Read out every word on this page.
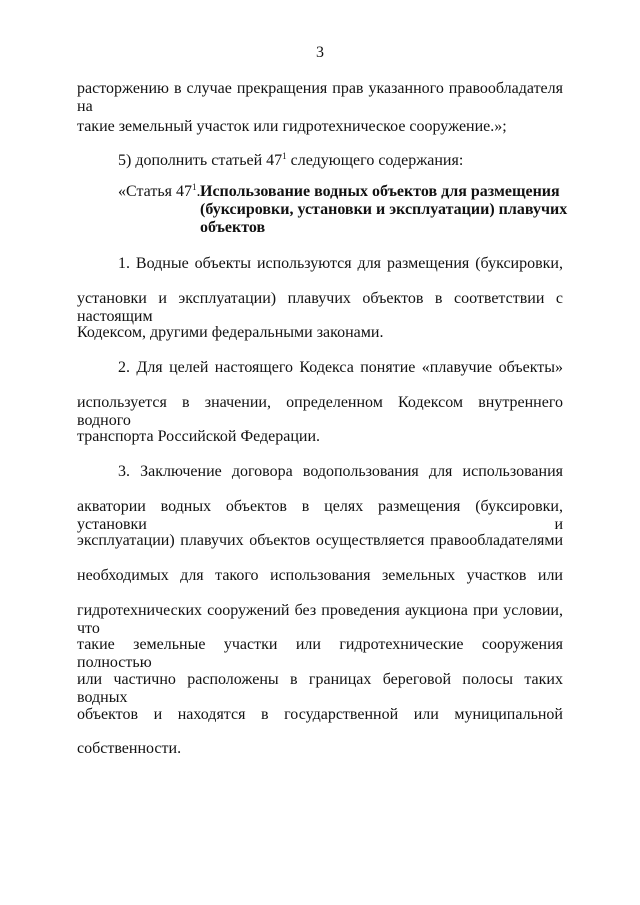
3
расторжению в случае прекращения прав указанного правообладателя на
такие земельный участок или гидротехническое сооружение.»;
5) дополнить статьей $47^1$ следующего содержания:
«Статья $47^1$. Использование водных объектов для размещения
(буксировки, установки и эксплуатации) плавучих
объектов
1. Водные объекты используются для размещения (буксировки,
установки и эксплуатации) плавучих объектов в соответствии с настоящим
Кодексом, другими федеральными законами.
2. Для целей настоящего Кодекса понятие «плавучие объекты»
используется в значении, определенном Кодексом внутреннего водного
транспорта Российской Федерации.
3. Заключение договора водопользования для использования
акватории водных объектов в целях размещения (буксировки, установки и
эксплуатации) плавучих объектов осуществляется правообладателями
необходимых для такого использования земельных участков или
гидротехнических сооружений без проведения аукциона при условии, что
такие земельные участки или гидротехнические сооружения полностью
или частично расположены в границах береговой полосы таких водных
объектов и находятся в государственной или муниципальной
собственности.
